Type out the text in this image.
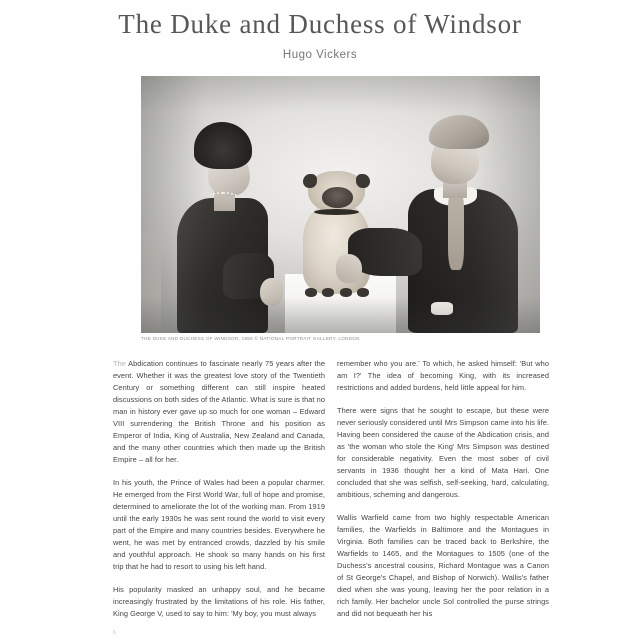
The Duke and Duchess of Windsor

Hugo Vickers

THE DUKE AND DUCHESS OF WINDSOR, 1955 © NATIONAL PORTRAIT GALLERY, LONDON

The Abdication continues to fascinate nearly 75 years after the event. Whether it was the greatest love story of the Twentieth Century or something different can still inspire heated discussions on both sides of the Atlantic. What is sure is that no man in history ever gave up so much for one woman – Edward VIII surrendering the British Throne and his position as Emperor of India, King of Australia, New Zealand and Canada, and the many other countries which then made up the British Empire – all for her.

In his youth, the Prince of Wales had been a popular charmer. He emerged from the First World War, full of hope and promise, determined to ameliorate the lot of the working man. From 1919 until the early 1930s he was sent round the world to visit every part of the Empire and many countries besides. Everywhere he went, he was met by entranced crowds, dazzled by his smile and youthful approach. He shook so many hands on his first trip that he had to resort to using his left hand.

His popularity masked an unhappy soul, and he became increasingly frustrated by the limitations of his role. His father, King George V, used to say to him: 'My boy, you must always

remember who you are.' To which, he asked himself: 'But who am I?' The idea of becoming King, with its increased restrictions and added burdens, held little appeal for him.

There were signs that he sought to escape, but these were never seriously considered until Mrs Simpson came into his life. Having been considered the cause of the Abdication crisis, and as 'the woman who stole the King' Mrs Simpson was destined for considerable negativity. Even the most sober of civil servants in 1936 thought her a kind of Mata Hari. One concluded that she was selfish, self-seeking, hard, calculating, ambitious, scheming and dangerous.

Wallis Warfield came from two highly respectable American families, the Warfields in Baltimore and the Montagues in Virginia. Both families can be traced back to Berkshire, the Warfields to 1465, and the Montagues to 1505 (one of the Duchess's ancestral cousins, Richard Montague was a Canon of St George's Chapel, and Bishop of Norwich). Wallis's father died when she was young, leaving her the poor relation in a rich family. Her bachelor uncle Sol controlled the purse strings and did not bequeath her his

6
